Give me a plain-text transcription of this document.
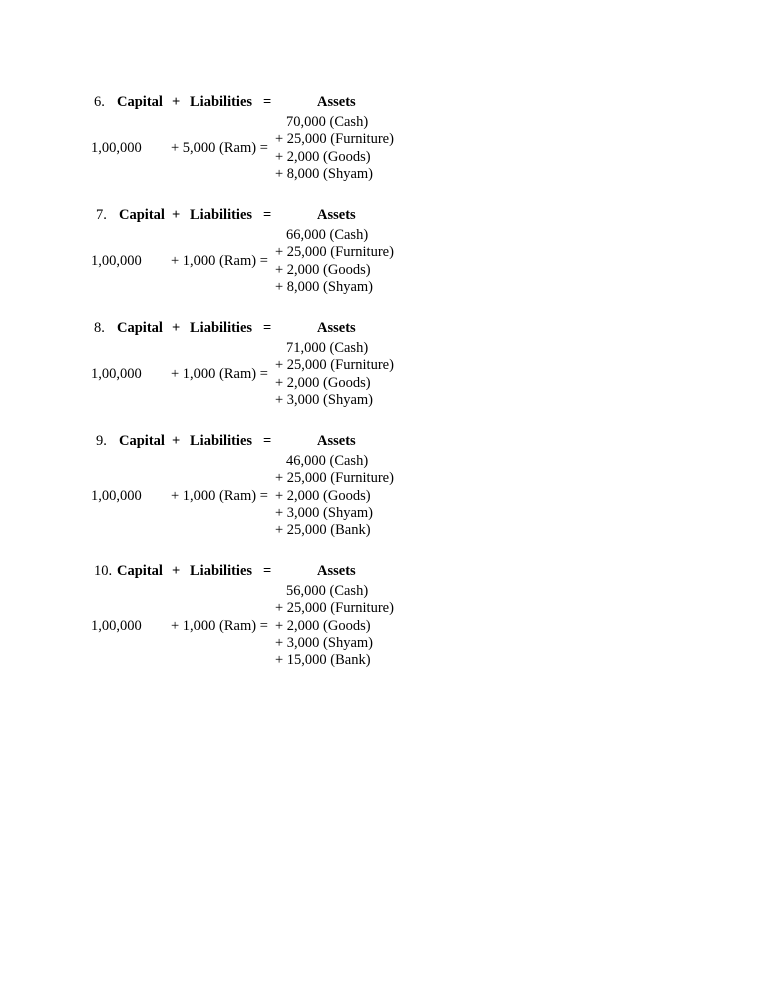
6. Capital + Liabilities =	Assets
1,00,000 + 5,000 (Ram) =
70,000 (Cash)
+ 25,000 (Furniture)
+ 2,000 (Goods)
+ 8,000 (Shyam)
7. Capital + Liabilities =	Assets
1,00,000 + 1,000 (Ram) =
66,000 (Cash)
+ 25,000 (Furniture)
+ 2,000 (Goods)
+ 8,000 (Shyam)
8. Capital + Liabilities =	Assets
1,00,000 + 1,000 (Ram) =
71,000 (Cash)
+ 25,000 (Furniture)
+ 2,000 (Goods)
+ 3,000 (Shyam)
9. Capital + Liabilities =	Assets
1,00,000 + 1,000 (Ram) =
46,000 (Cash)
+ 25,000 (Furniture)
+ 2,000 (Goods)
+ 3,000 (Shyam)
+ 25,000 (Bank)
10. Capital + Liabilities =	Assets
1,00,000 + 1,000 (Ram) =
56,000 (Cash)
+ 25,000 (Furniture)
+ 2,000 (Goods)
+ 3,000 (Shyam)
+ 15,000 (Bank)
